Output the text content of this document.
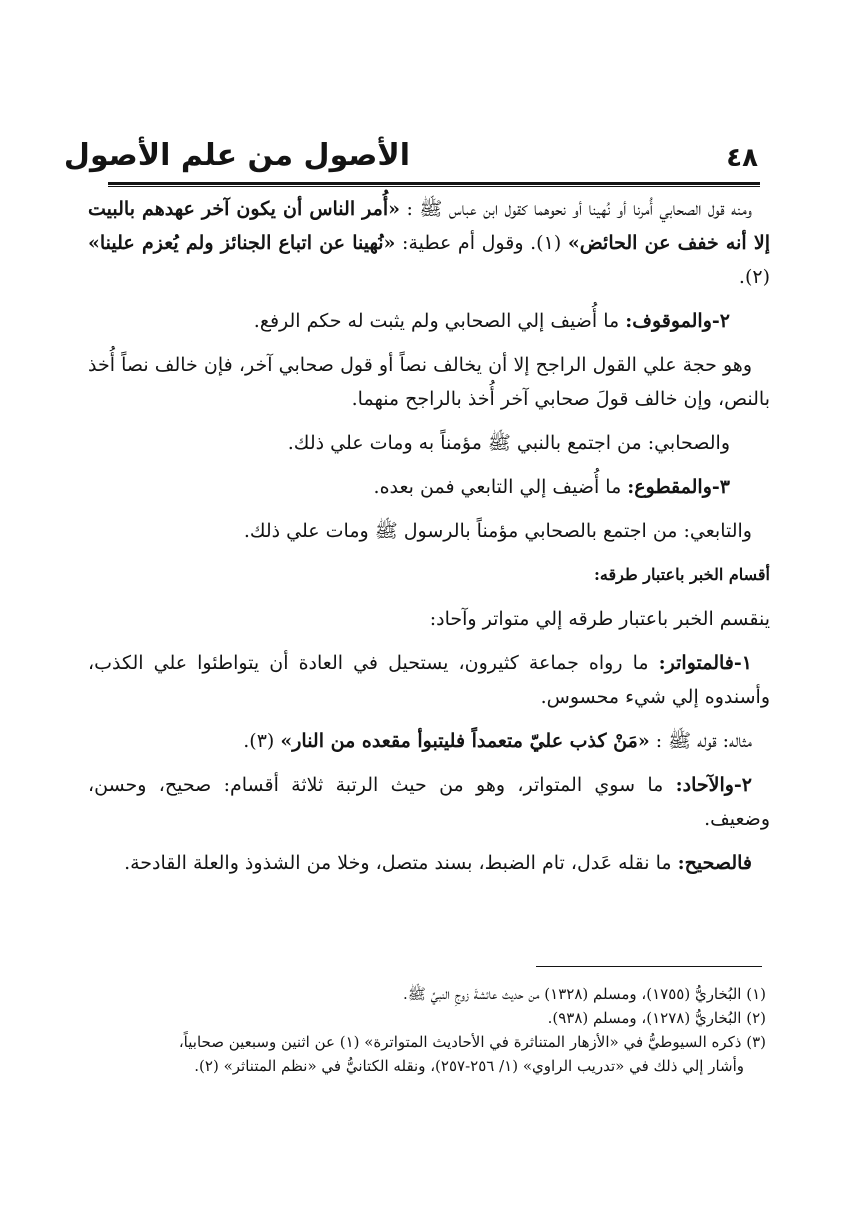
٤٨
الأصول من علم الأصول

ومنه قول الصحابي أُمرنا أو نُهينا أو نحوهما كقول ابن عباس ﷺ : «أُمر الناس أن يكون آخر عهدهم بالبيت إلا أنه خفف عن الحائض» (١). وقول أم عطية: «نُهينا عن اتباع الجنائز ولم يُعزم علينا» (٢).

٢-والموقوف: ما أُضيف إلي الصحابي ولم يثبت له حكم الرفع.

وهو حجة علي القول الراجح إلا أن يخالف نصاً أو قول صحابي آخر، فإن خالف نصاً أُخذ بالنص، وإن خالف قولَ صحابي آخر أُخذ بالراجح منهما.

والصحابي: من اجتمع بالنبي ﷺ مؤمناً به ومات علي ذلك.

٣-والمقطوع: ما أُضيف إلي التابعي فمن بعده.

والتابعي: من اجتمع بالصحابي مؤمناً بالرسول ﷺ ومات علي ذلك.

أقسام الخبر باعتبار طرقه:

ينقسم الخبر باعتبار طرقه إلي متواتر وآحاد:

١-فالمتواتر: ما رواه جماعة كثيرون، يستحيل في العادة أن يتواطئوا علي الكذب، وأسندوه إلي شيء محسوس.

مثاله: قوله ﷺ : «مَنْ كذب عليّ متعمداً فليتبوأ مقعده من النار» (٣).

٢-والآحاد: ما سوي المتواتر، وهو من حيث الرتبة ثلاثة أقسام: صحيح، وحسن، وضعيف.

فالصحيح: ما نقله عَدل، تام الضبط، بسند متصل، وخلا من الشذوذ والعلة القادحة.

(١) البُخاريُّ (١٧٥٥)، ومسلم (١٣٢٨) من حديث عائشةَ زوجِ النبيِّ ﷺ.
(٢) البُخاريُّ (١٢٧٨)، ومسلم (٩٣٨).
(٣) ذكره السيوطيُّ في «الأزهار المتناثرة في الأحاديث المتواترة» (١) عن اثنين وسبعين صحابياً،
وأشار إلي ذلك في «تدريب الراوي» (١/ ٢٥٦-٢٥٧)، ونقله الكتانيُّ في «نظم المتناثر» (٢).
